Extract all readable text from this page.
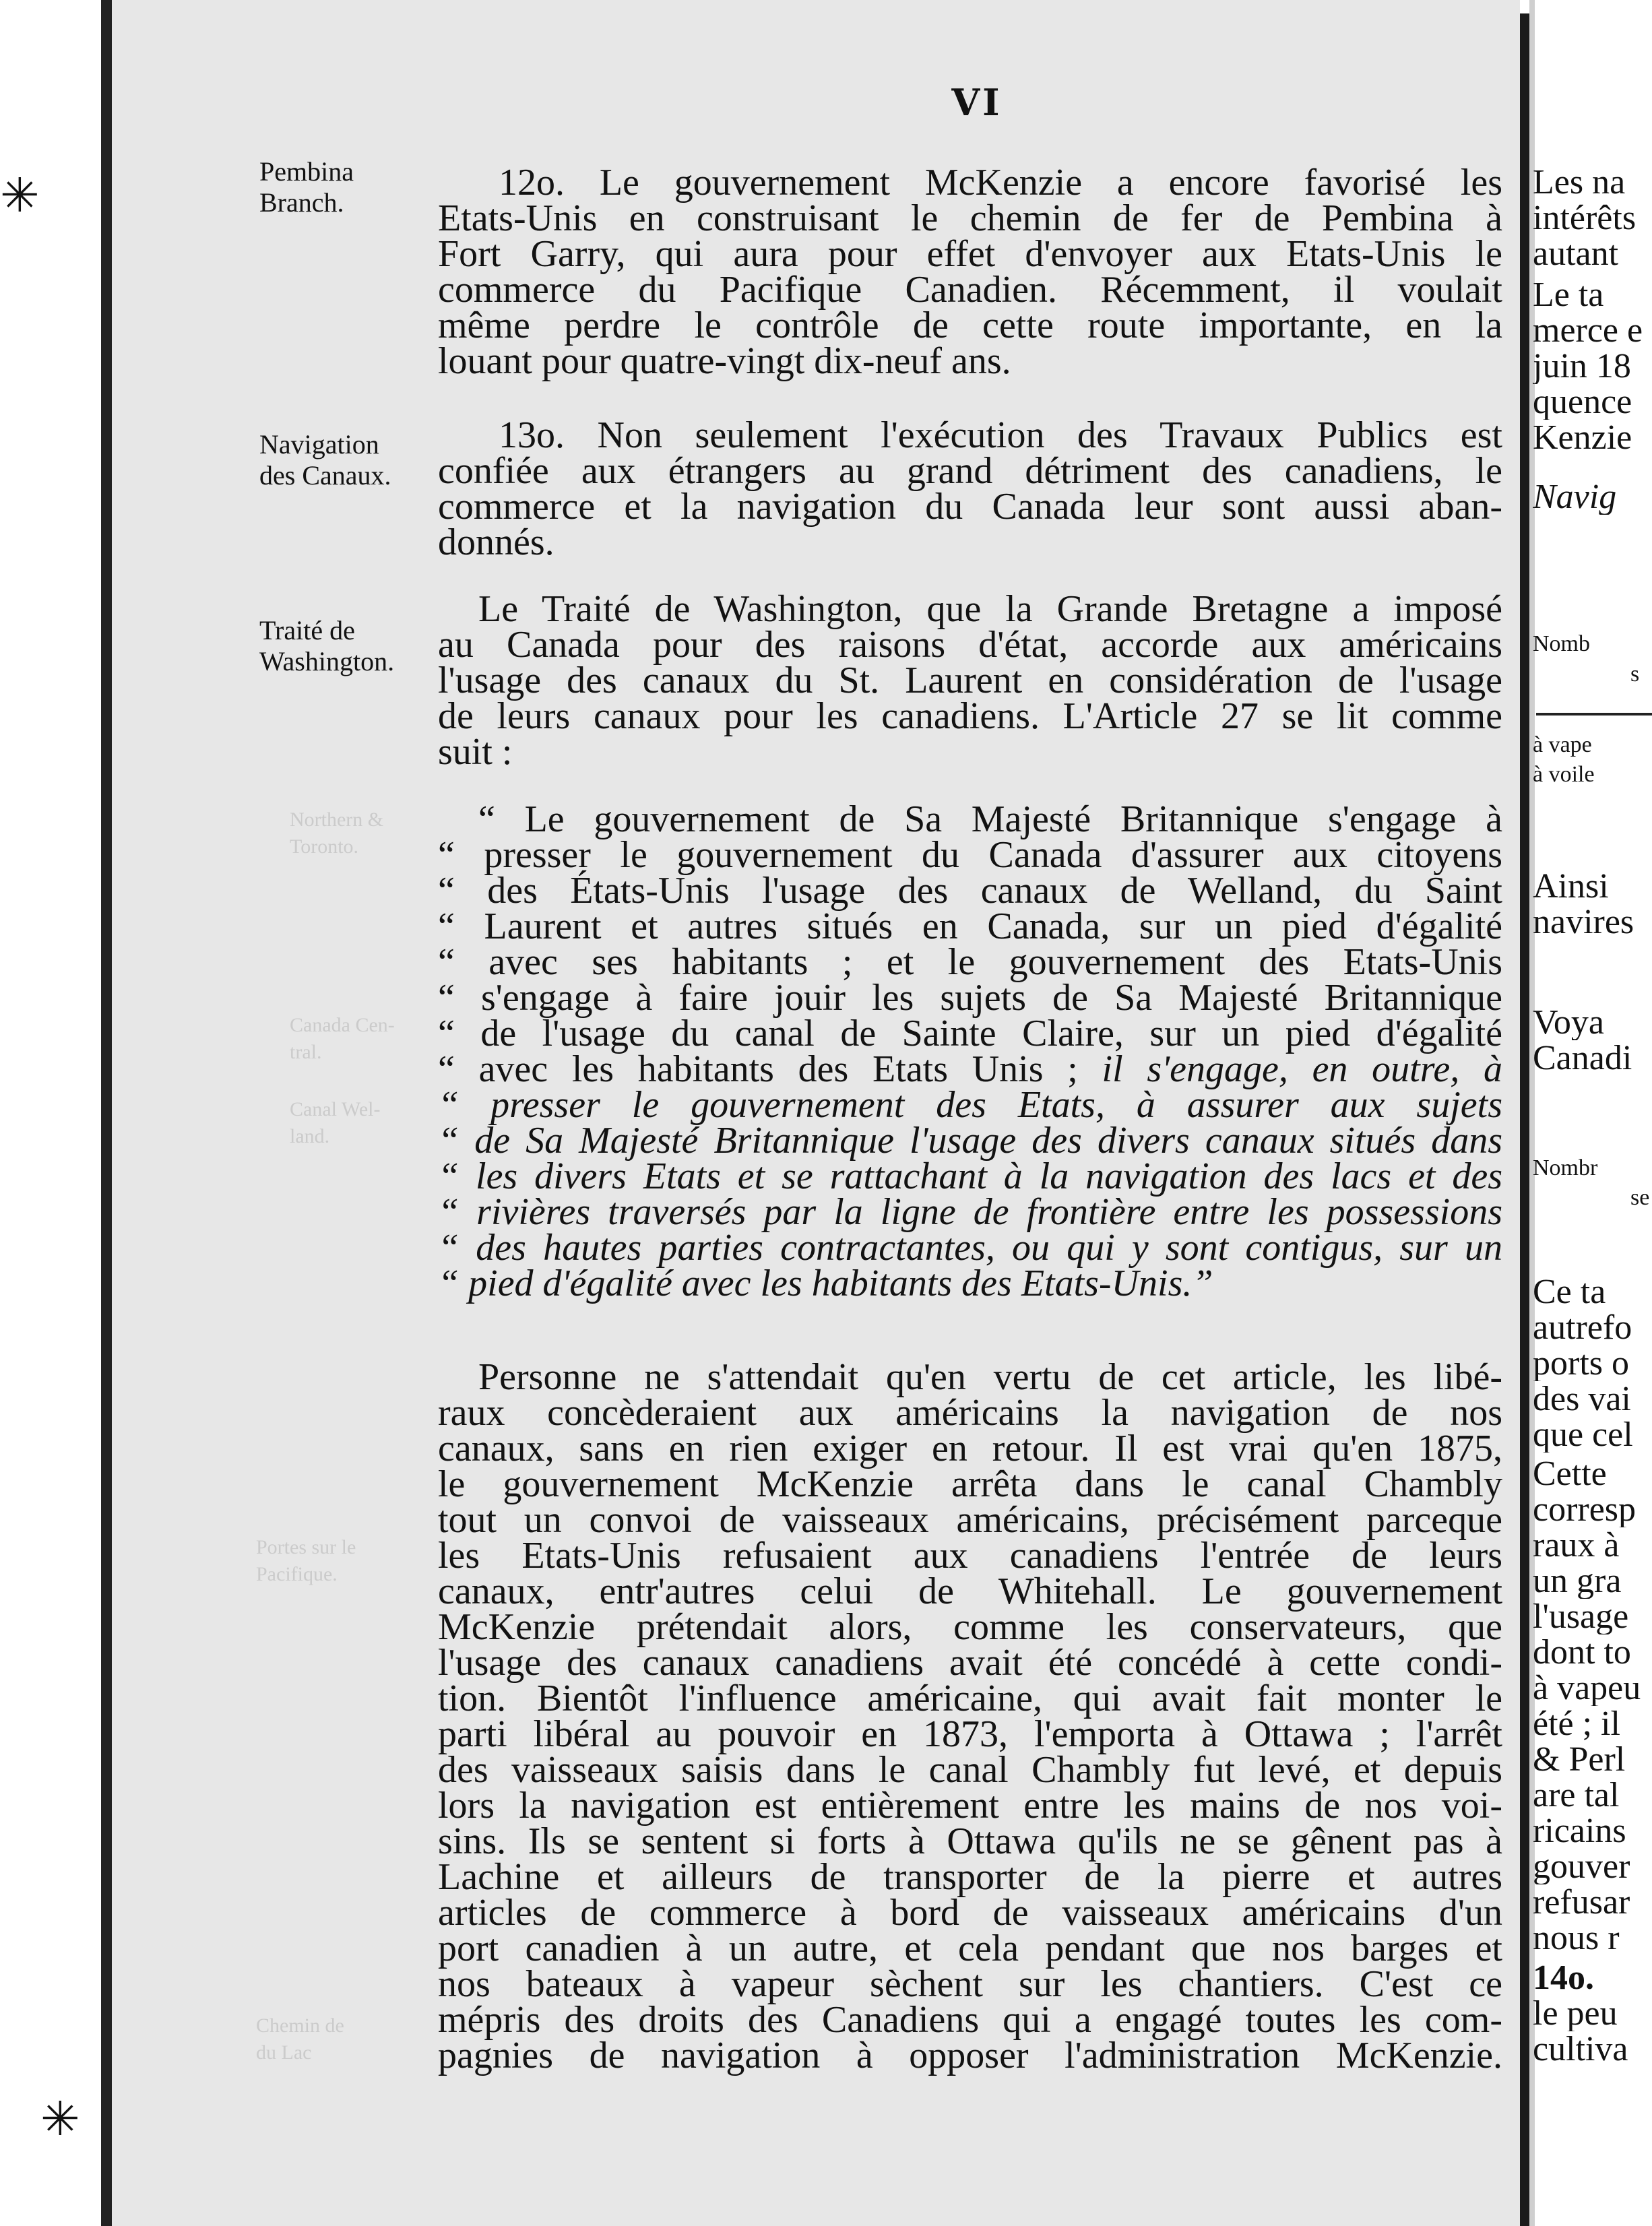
✳
✳
Northern &
Toronto.
Canada Cen-
tral.
Canal Wel-
land.
Portes sur le
Pacifique.
Chemin de
du Lac
VI
Pembina
Branch.
Navigation
des Canaux.
Traité de
Washington.
12o. Le gouvernement McKenzie a encore favorisé les
Etats-Unis en construisant le chemin de fer de Pembina à
Fort Garry, qui aura pour effet d'envoyer aux Etats-Unis le
commerce du Pacifique Canadien. Récemment, il voulait
même perdre le contrôle de cette route importante, en la
louant pour quatre-vingt dix-neuf ans.
13o. Non seulement l'exécution des Travaux Publics est
confiée aux étrangers au grand détriment des canadiens, le
commerce et la navigation du Canada leur sont aussi aban-
donnés.
Le Traité de Washington, que la Grande Bretagne a imposé
au Canada pour des raisons d'état, accorde aux américains
l'usage des canaux du St. Laurent en considération de l'usage
de leurs canaux pour les canadiens. L'Article 27 se lit comme
suit :
“ Le gouvernement de Sa Majesté Britannique s'engage à
“ presser le gouvernement du Canada d'assurer aux citoyens
“ des États-Unis l'usage des canaux de Welland, du Saint
“ Laurent et autres situés en Canada, sur un pied d'égalité
“ avec ses habitants ; et le gouvernement des Etats-Unis
“ s'engage à faire jouir les sujets de Sa Majesté Britannique
“ de l'usage du canal de Sainte Claire, sur un pied d'égalité
“ avec les habitants des Etats Unis ; il s'engage, en outre, à
“ presser le gouvernement des Etats, à assurer aux sujets
“ de Sa Majesté Britannique l'usage des divers canaux situés dans
“ les divers Etats et se rattachant à la navigation des lacs et des
“ rivières traversés par la ligne de frontière entre les possessions
“ des hautes parties contractantes, ou qui y sont contigus, sur un
“ pied d'égalité avec les habitants des Etats-Unis.”
Personne ne s'attendait qu'en vertu de cet article, les libé-
raux concèderaient aux américains la navigation de nos
canaux, sans en rien exiger en retour. Il est vrai qu'en 1875,
le gouvernement McKenzie arrêta dans le canal Chambly
tout un convoi de vaisseaux américains, précisément parceque
les Etats-Unis refusaient aux canadiens l'entrée de leurs
canaux, entr'autres celui de Whitehall. Le gouvernement
McKenzie prétendait alors, comme les conservateurs, que
l'usage des canaux canadiens avait été concédé à cette condi-
tion. Bientôt l'influence américaine, qui avait fait monter le
parti libéral au pouvoir en 1873, l'emporta à Ottawa ; l'arrêt
des vaisseaux saisis dans le canal Chambly fut levé, et depuis
lors la navigation est entièrement entre les mains de nos voi-
sins. Ils se sentent si forts à Ottawa qu'ils ne se gênent pas à
Lachine et ailleurs de transporter de la pierre et autres
articles de commerce à bord de vaisseaux américains d'un
port canadien à un autre, et cela pendant que nos barges et
nos bateaux à vapeur sèchent sur les chantiers. C'est ce
mépris des droits des Canadiens qui a engagé toutes les com-
pagnies de navigation à opposer l'administration McKenzie.
Les na
intérêts
autant
Le ta
merce e
juin 18
quence
Kenzie
Navig
Nomb
s
à vape
à voile
Ainsi
navires
Voya
Canadi
Nombr
se
Ce ta
autrefo
ports o
des vai
que cel
Cette
corresp
raux à
un gra
l'usage
dont to
à vapeu
été ; il
& Perl
are tal
ricains
gouver
refusar
nous r
14o.
le peu
cultiva
